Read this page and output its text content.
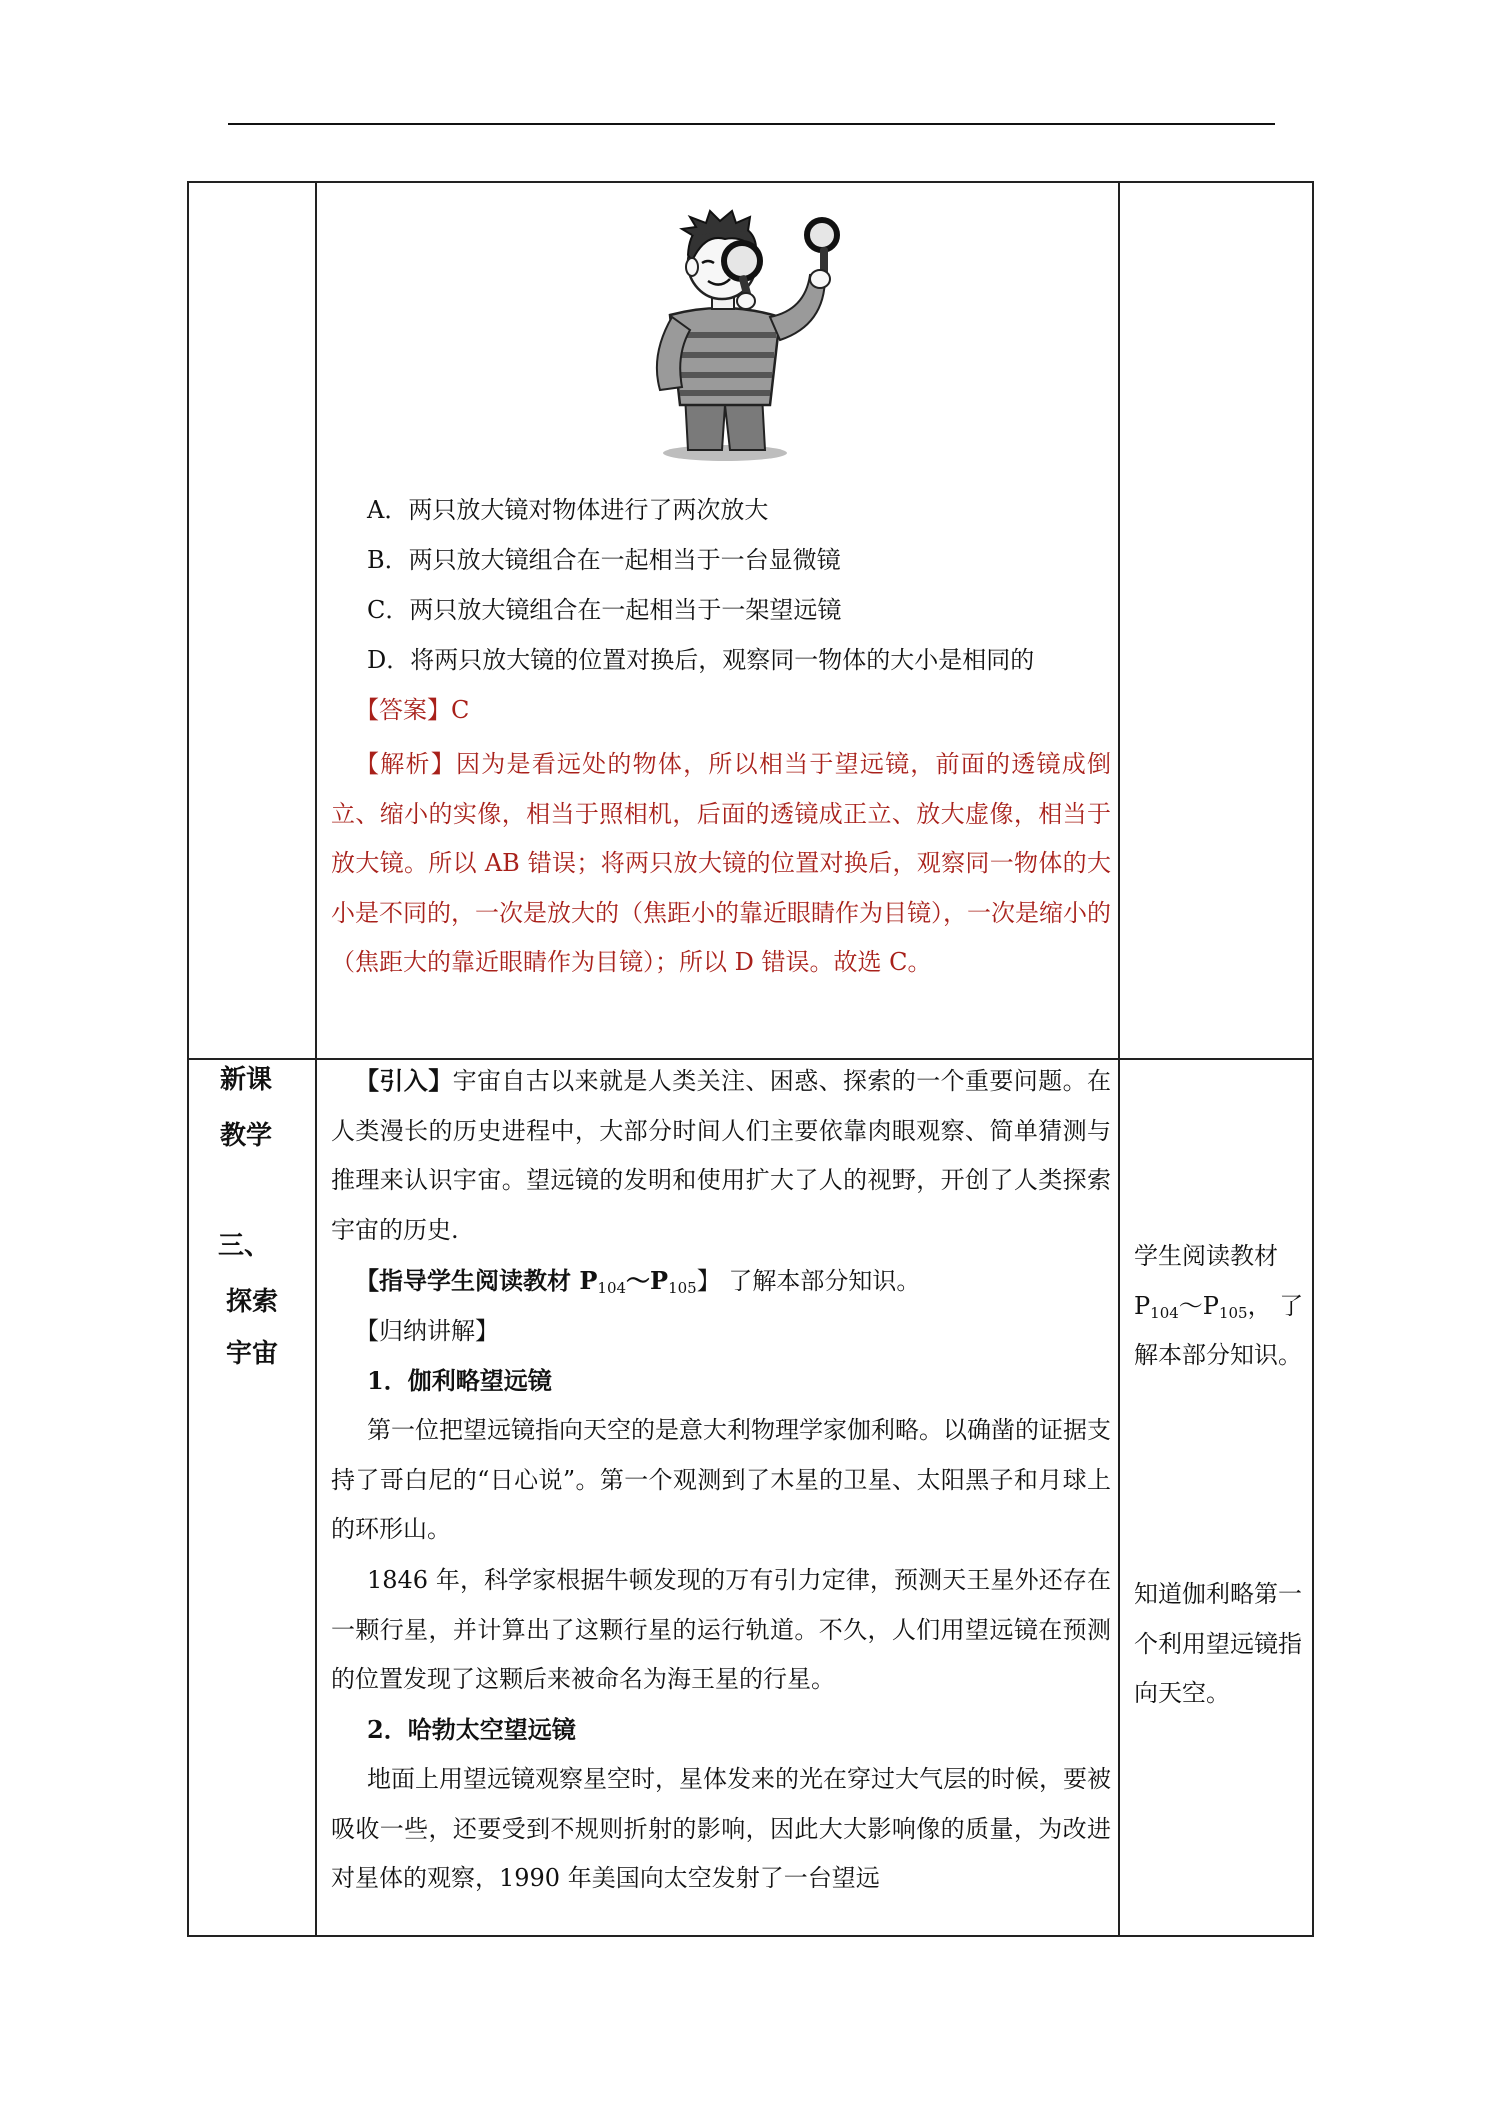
A．两只放大镜对物体进行了两次放大
B．两只放大镜组合在一起相当于一台显微镜
C．两只放大镜组合在一起相当于一架望远镜
D．将两只放大镜的位置对换后，观察同一物体的大小是相同的
【答案】C

【解析】因为是看远处的物体，所以相当于望远镜，前面的透镜成倒立、缩小的实像，相当于照相机，后面的透镜成正立、放大虚像，相当于放大镜。所以 AB 错误；将两只放大镜的位置对换后，观察同一物体的大小是不同的，一次是放大的（焦距小的靠近眼睛作为目镜），一次是缩小的（焦距大的靠近眼睛作为目镜）；所以 D 错误。故选 C。

新课
教学
三、
探索
宇宙

【引入】宇宙自古以来就是人类关注、困惑、探索的一个重要问题。在人类漫长的历史进程中，大部分时间人们主要依靠肉眼观察、简单猜测与推理来认识宇宙。望远镜的发明和使用扩大了人的视野，开创了人类探索宇宙的历史.

【指导学生阅读教材 $P_{104}\sim P_{105}$】 了解本部分知识。
【归纳讲解】
1．伽利略望远镜

第一位把望远镜指向天空的是意大利物理学家伽利略。以确凿的证据支持了哥白尼的“日心说”。第一个观测到了木星的卫星、太阳黑子和月球上的环形山。

1846 年，科学家根据牛顿发现的万有引力定律，预测天王星外还存在一颗行星，并计算出了这颗行星的运行轨道。不久，人们用望远镜在预测的位置发现了这颗后来被命名为海王星的行星。

2．哈勃太空望远镜

地面上用望远镜观察星空时，星体发来的光在穿过大气层的时候，要被吸收一些，还要受到不规则折射的影响，因此大大影响像的质量，为改进对星体的观察，1990 年美国向太空发射了一台望远

学生阅读教材 $P_{104}\sim P_{105}$， 了解本部分知识。

知道伽利略第一个利用望远镜指向天空。
